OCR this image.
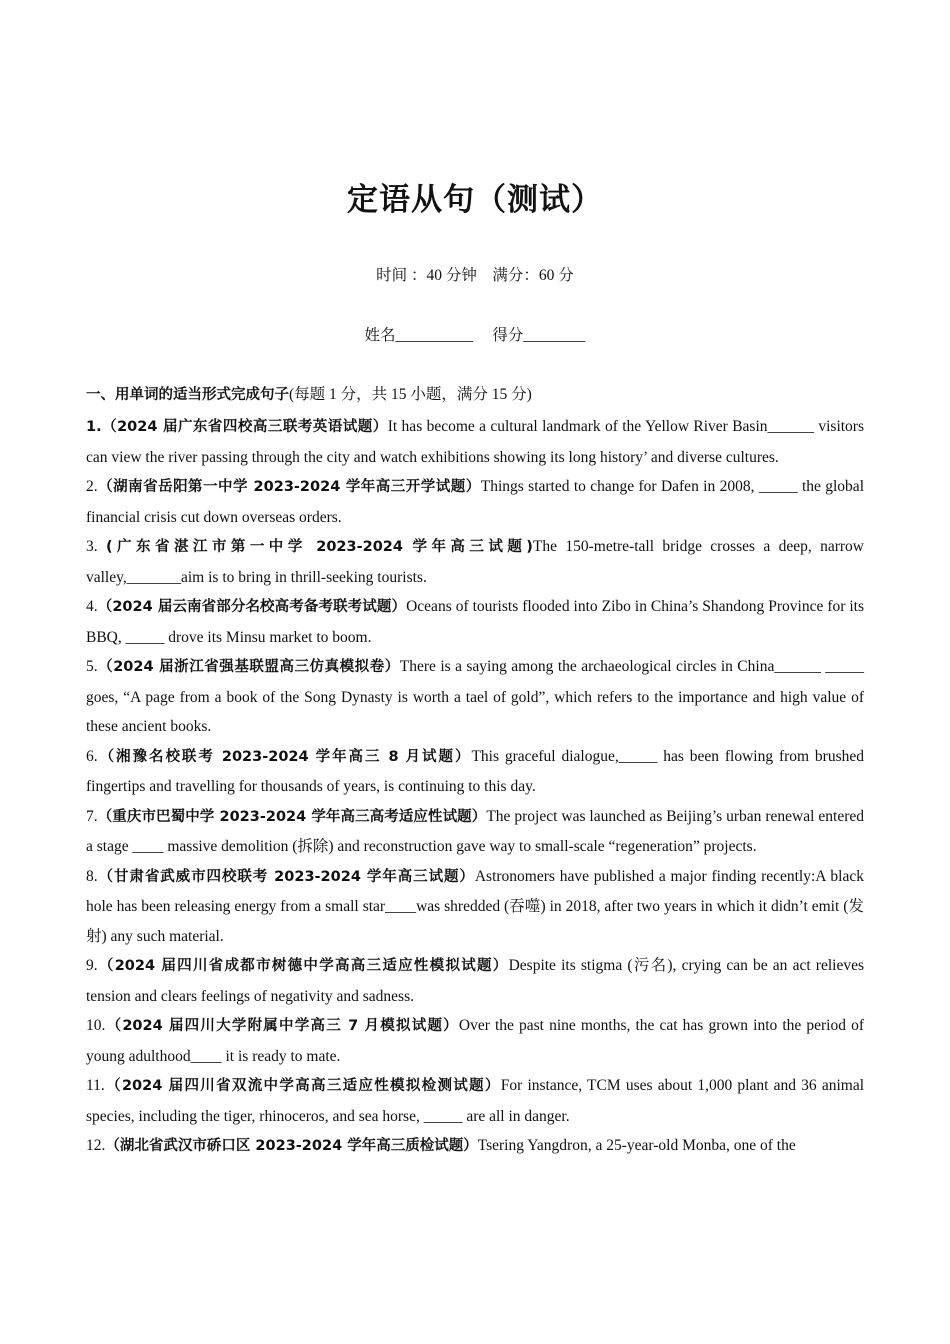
定语从句（测试）
时间 ：40 分钟    满分：60 分
姓名__________     得分________
一、用单词的适当形式完成句子(每题 1 分，共 15 小题，满分 15 分)

1.（2024 届广东省四校高三联考英语试题）It has become a cultural landmark of the Yellow River Basin______ visitors can view the river passing through the city and watch exhibitions showing its long history’ and diverse cultures.

2.（湖南省岳阳第一中学 2023-2024 学年高三开学试题）Things started to change for Dafen in 2008, _____ the global financial crisis cut down overseas orders.

3. (广东省湛江市第一中学 2023-2024 学年高三试题)The 150-metre-tall bridge crosses a deep, narrow valley,_______aim is to bring in thrill-seeking tourists.

4.（2024 届云南省部分名校高考备考联考试题）Oceans of tourists flooded into Zibo in China’s Shandong Province for its BBQ, _____ drove its Minsu market to boom.

5.（2024 届浙江省强基联盟高三仿真模拟卷）There is a saying among the archaeological circles in China______ _____ goes, “A page from a book of the Song Dynasty is worth a tael of gold”, which refers to the importance and high value of these ancient books.

6.（湘豫名校联考 2023-2024 学年高三 8 月试题）This graceful dialogue,_____ has been flowing from brushed fingertips and travelling for thousands of years, is continuing to this day.

7.（重庆市巴蜀中学 2023-2024 学年高三高考适应性试题）The project was launched as Beijing’s urban renewal entered a stage ____ massive demolition (拆除) and reconstruction gave way to small-scale “regeneration” projects.

8.（甘肃省武威市四校联考 2023-2024 学年高三试题）Astronomers have published a major finding recently:A black hole has been releasing energy from a small star____was shredded (吞噬) in 2018, after two years in which it didn’t emit (发射) any such material.

9.（2024 届四川省成都市树德中学高高三适应性模拟试题）Despite its stigma (污名), crying can be an act relieves tension and clears feelings of negativity and sadness.

10.（2024 届四川大学附属中学高三 7 月模拟试题）Over the past nine months, the cat has grown into the period of young adulthood____ it is ready to mate.

11.（2024 届四川省双流中学高高三适应性模拟检测试题）For instance, TCM uses about 1,000 plant and 36 animal species, including the tiger, rhinoceros, and sea horse, _____ are all in danger.

12.（湖北省武汉市硚口区 2023-2024 学年高三质检试题）Tsering Yangdron, a 25-year-old Monba, one of the
